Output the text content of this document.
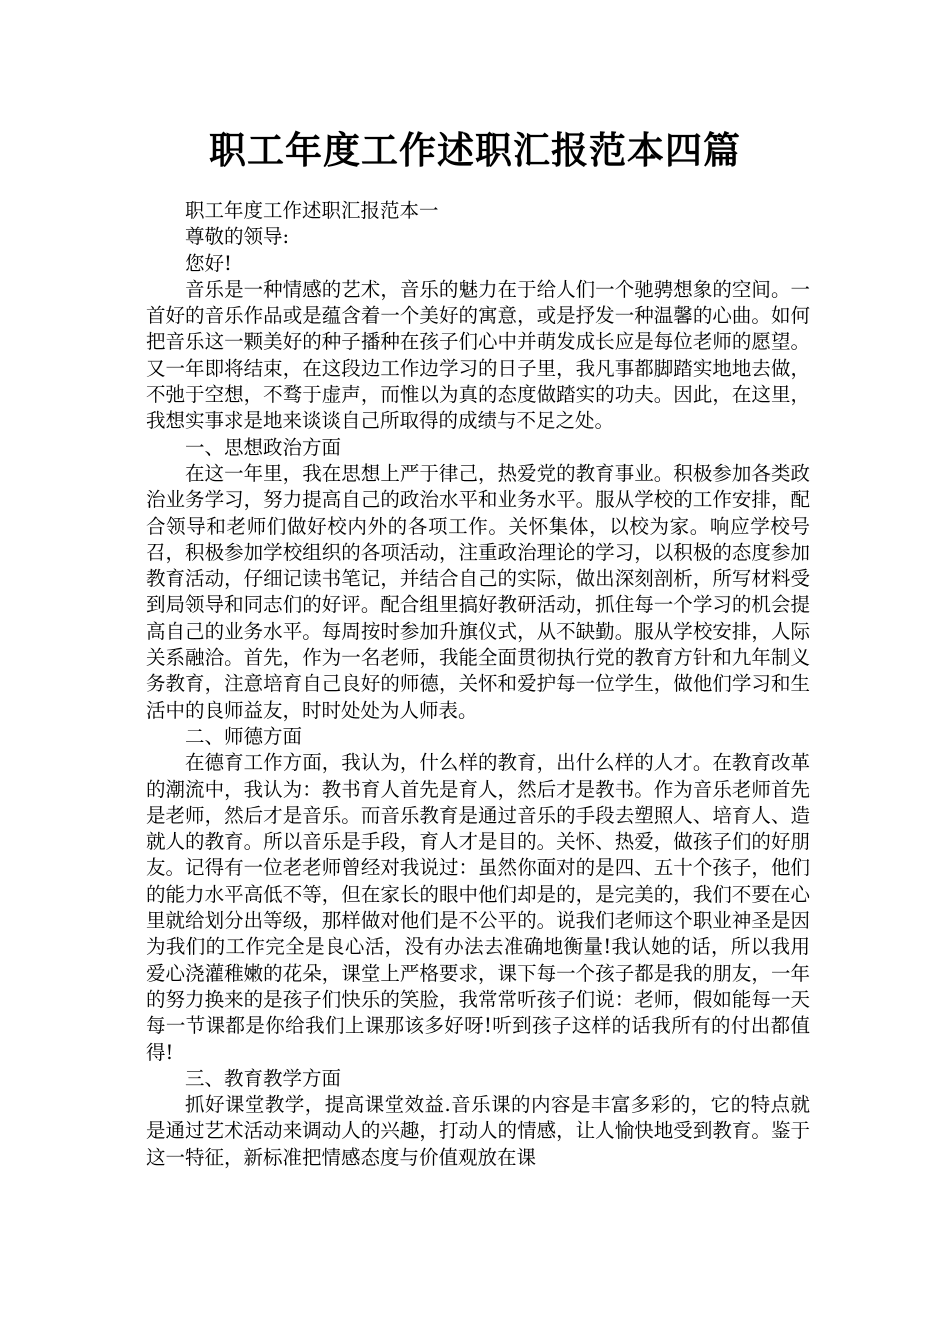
职工年度工作述职汇报范本四篇

职工年度工作述职汇报范本一

尊敬的领导:

您好!

音乐是一种情感的艺术，音乐的魅力在于给人们一个驰骋想象的空间。一首好的音乐作品或是蕴含着一个美好的寓意，或是抒发一种温馨的心曲。如何把音乐这一颗美好的种子播种在孩子们心中并萌发成长应是每位老师的愿望。又一年即将结束，在这段边工作边学习的日子里，我凡事都脚踏实地地去做，不弛于空想，不骛于虚声，而惟以为真的态度做踏实的功夫。因此，在这里，我想实事求是地来谈谈自己所取得的成绩与不足之处。

一、思想政治方面

在这一年里，我在思想上严于律己，热爱党的教育事业。积极参加各类政治业务学习，努力提高自己的政治水平和业务水平。服从学校的工作安排，配合领导和老师们做好校内外的各项工作。关怀集体，以校为家。响应学校号召，积极参加学校组织的各项活动，注重政治理论的学习，以积极的态度参加教育活动，仔细记读书笔记，并结合自己的实际，做出深刻剖析，所写材料受到局领导和同志们的好评。配合组里搞好教研活动，抓住每一个学习的机会提高自己的业务水平。每周按时参加升旗仪式，从不缺勤。服从学校安排，人际关系融洽。首先，作为一名老师，我能全面贯彻执行党的教育方针和九年制义务教育，注意培育自己良好的师德，关怀和爱护每一位学生，做他们学习和生活中的良师益友，时时处处为人师表。

二、师德方面

在德育工作方面，我认为，什么样的教育，出什么样的人才。在教育改革的潮流中，我认为：教书育人首先是育人，然后才是教书。作为音乐老师首先是老师，然后才是音乐。而音乐教育是通过音乐的手段去塑照人、培育人、造就人的教育。所以音乐是手段，育人才是目的。关怀、热爱，做孩子们的好朋友。记得有一位老老师曾经对我说过：虽然你面对的是四、五十个孩子，他们的能力水平高低不等，但在家长的眼中他们却是的，是完美的，我们不要在心里就给划分出等级，那样做对他们是不公平的。说我们老师这个职业神圣是因为我们的工作完全是良心活，没有办法去准确地衡量!我认她的话，所以我用爱心浇灌稚嫩的花朵，课堂上严格要求，课下每一个孩子都是我的朋友，一年的努力换来的是孩子们快乐的笑脸，我常常听孩子们说：老师，假如能每一天每一节课都是你给我们上课那该多好呀!听到孩子这样的话我所有的付出都值得!

三、教育教学方面

抓好课堂教学，提高课堂效益.音乐课的内容是丰富多彩的，它的特点就是通过艺术活动来调动人的兴趣，打动人的情感，让人愉快地受到教育。鉴于这一特征，新标准把情感态度与价值观放在课
